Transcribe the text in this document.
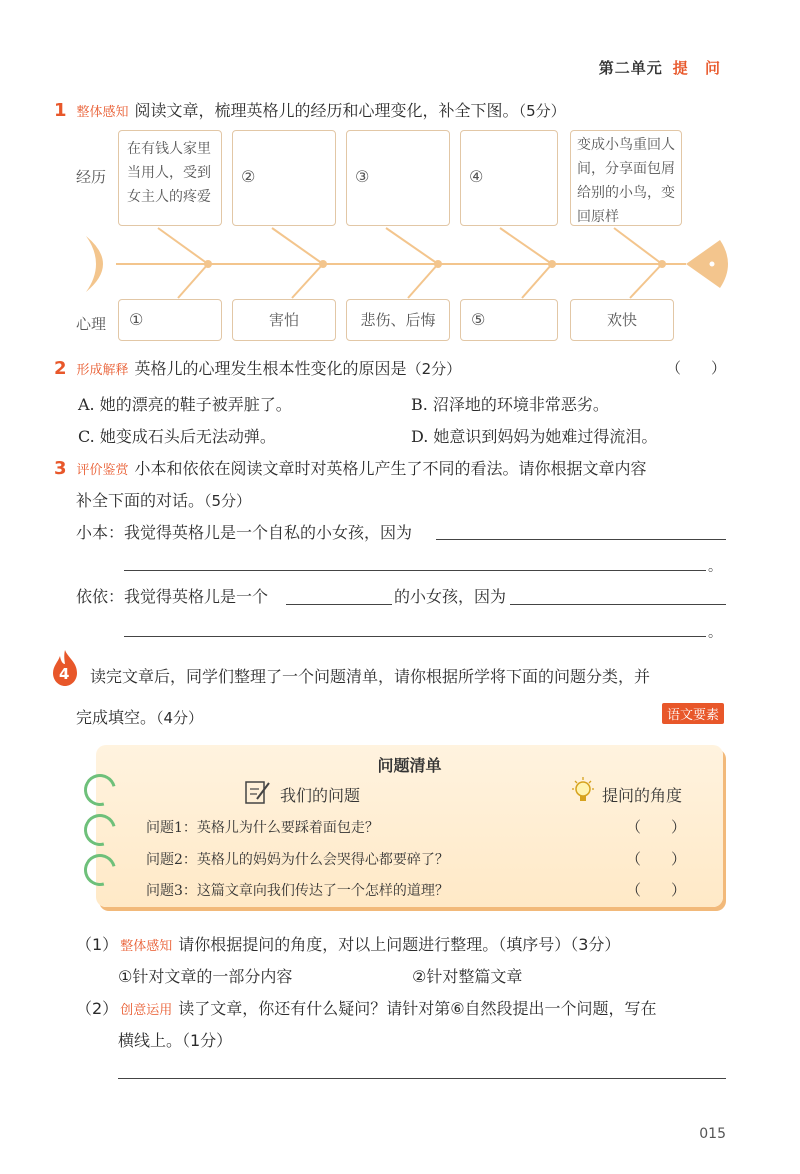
第二单元 提 问
1 整体感知 阅读文章，梳理英格儿的经历和心理变化，补全下图。（5分）
经历
心理
在有钱人家里当用人，受到女主人的疼爱
②	③	④
变成小鸟重回人间，分享面包屑给别的小鸟，变回原样
①	害怕	悲伤、后悔	⑤	欢快
2 形成解释 英格儿的心理发生根本性变化的原因是（2分）	（　　）
A. 她的漂亮的鞋子被弄脏了。	B. 沼泽地的环境非常恶劣。
C. 她变成石头后无法动弹。	D. 她意识到妈妈为她难过得流泪。
3 评价鉴赏 小本和依依在阅读文章时对英格儿产生了不同的看法。请你根据文章内容
补全下面的对话。（5分）
小本：我觉得英格儿是一个自私的小女孩，因为
。
依依：我觉得英格儿是一个	的小女孩，因为
。
4 读完文章后，同学们整理了一个问题清单，请你根据所学将下面的问题分类，并
完成填空。（4分）	语文要素
问题清单
我们的问题	提问的角度
问题1：英格儿为什么要踩着面包走？	（　　）
问题2：英格儿的妈妈为什么会哭得心都要碎了？	（　　）
问题3：这篇文章向我们传达了一个怎样的道理？	（　　）
（1） 整体感知 请你根据提问的角度，对以上问题进行整理。（填序号）（3分）
①针对文章的一部分内容	②针对整篇文章
（2） 创意运用 读了文章，你还有什么疑问？请针对第⑥自然段提出一个问题，写在
横线上。（1分）
015
